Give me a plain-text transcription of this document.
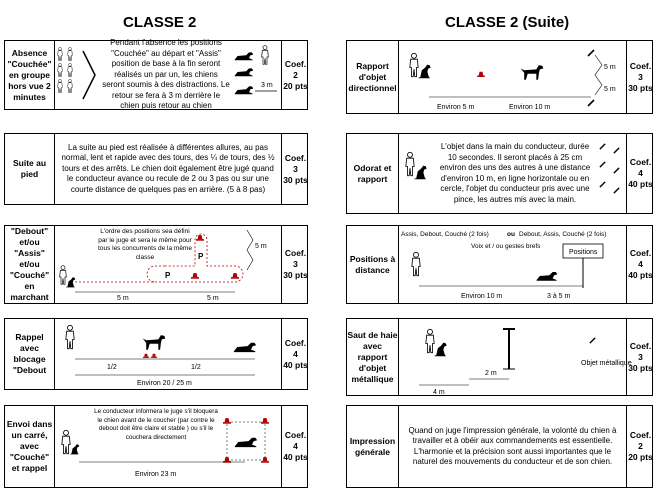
CLASSE 2	CLASSE 2 (Suite)
Absence "Couchée" en groupe hors vue 2 minutes
Pendant l'absence les positions "Couchée" au départ et "Assis" position de base à la fin seront réalisés un par un, les chiens seront soumis à des distractions. Le retour se fera à 3 m derrière le chien puis retour au chien
3 m
Coef.
2
20 pts
Suite au pied
La suite au pied est réalisée à différentes allures, au pas normal, lent et rapide avec des tours, des ¼ de tours, des ½ tours et des arrêts. Le chien doit également être jugé quand le conducteur avance ou recule de 2 ou 3 pas ou sur une courte distance de quelques pas en arrière. (5 à 8 pas)
Coef.
3
30 pts
"Debout" et/ou "Assis" et/ou "Couché" en marchant
L'ordre des positions sea défini par le juge et sera le même pour tous les concurrents de la même classe	P
P
5 m	5 m
5 m
Coef.
3
30 pts
Rappel avec blocage "Debout	1/2	1/2
Environ 20 / 25 m
Coef.
4
40 pts
Envoi dans un carré, avec "Couché" et rappel
Le conducteur informera le juge s'il bloquera le chien avant de le coucher (par contre le debout doit être claire et stable ) ou s'il le couchera directement
Environ 23 m
Coef.
4
40 pts
Rapport d'objet directionnel
5 m
5 m
Environ 5 m	Environ 10 m
Coef.
3
30 pts
Odorat et rapport
L'objet dans la main du conducteur, durée 10 secondes. Il seront placés à 25 cm environ des uns des autres à une distance d'environ 10 m, en ligne horizontale ou en cercle, l'objet du conducteur pris avec une pince, les autres mis avec la main.
Coef.
4
40 pts
Positions à distance
Assis, Debout, Couché (2 fois)	ou Debout, Assis, Couché (2 fois)
Voix et / ou gestes brefs
Positions
Environ 10 m	3 à 5 m
Coef.
4
40 pts
Saut de haie avec rapport d'objet métallique
Objet métallique
2 m
4 m
Coef.
3
30 pts
Impression générale
Quand on juge l'impression générale, la volonté du chien à travailler et à obéir aux commandements est essentielle. L'harmonie et la précision sont aussi importantes que le naturel des mouvements du conducteur et de son chien.
Coef.
2
20 pts
